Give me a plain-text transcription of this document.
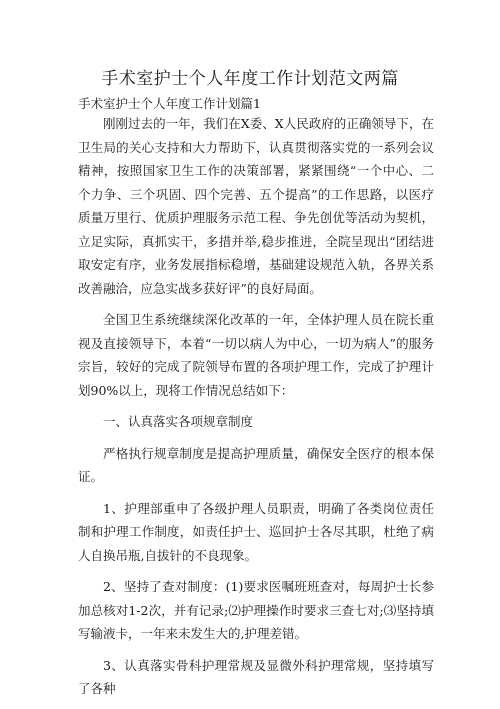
手术室护士个人年度工作计划范文两篇
手术室护士个人年度工作计划篇1

刚刚过去的一年，我们在X委、X人民政府的正确领导下，在卫生局的关心支持和大力帮助下，认真贯彻落实党的一系列会议精神，按照国家卫生工作的决策部署，紧紧围绕“一个中心、二个力争、三个巩固、四个完善、五个提高”的工作思路，以医疗质量万里行、优质护理服务示范工程、争先创优等活动为契机，立足实际，真抓实干，多措并举,稳步推进，全院呈现出“团结进取安定有序，业务发展指标稳增，基础建设规范入轨，各界关系改善融洽，应急实战多获好评”的良好局面。

全国卫生系统继续深化改革的一年，全体护理人员在院长重视及直接领导下，本着“一切以病人为中心，一切为病人”的服务宗旨，较好的完成了院领导布置的各项护理工作，完成了护理计划90%以上，现将工作情况总结如下：

一、认真落实各项规章制度

严格执行规章制度是提高护理质量，确保安全医疗的根本保证。

1、护理部重申了各级护理人员职责，明确了各类岗位责任制和护理工作制度，如责任护士、巡回护士各尽其职，杜绝了病人自换吊瓶,自拔针的不良现象。

2、坚持了查对制度：(1)要求医嘱班班查对，每周护士长参加总核对1-2次，并有记录;⑵护理操作时要求三查七对;⑶坚持填写输液卡，一年来未发生大的,护理差错。

3、认真落实骨科护理常规及显微外科护理常规，坚持填写了各种
